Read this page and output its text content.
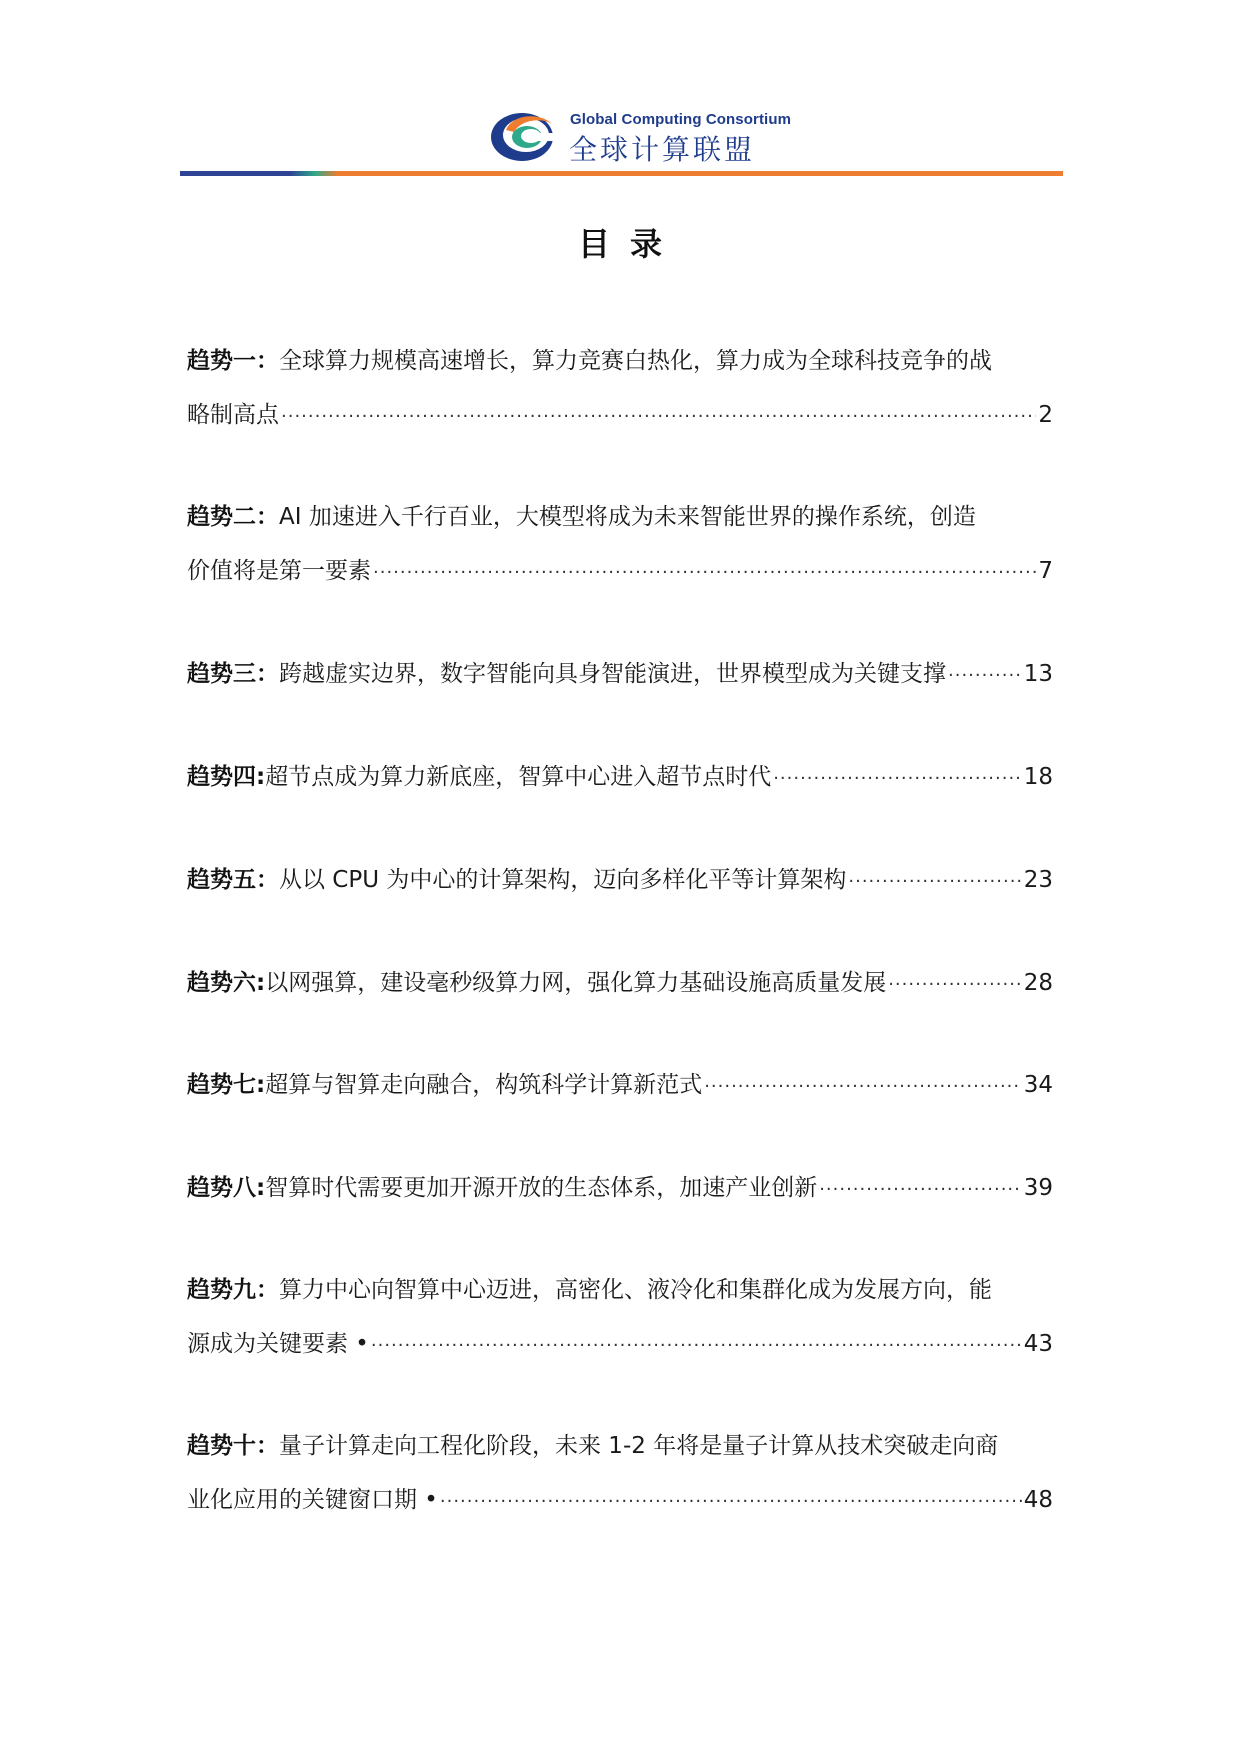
Global Computing Consortium
全球计算联盟
目录
趋势一：全球算力规模高速增长，算力竞赛白热化，算力成为全球科技竞争的战
略制高点 ·····	2
趋势二：AI 加速进入千行百业，大模型将成为未来智能世界的操作系统，创造
价值将是第一要素 ·····	7
趋势三 ： 跨越虚实边界，数字智能向具身智能演进，世界模型成为关键支撑 ·····	13
趋势四 : 超节点成为算力新底座，智算中心进入超节点时代 ·····	18
趋势五 ： 从以 CPU 为中心的计算架构，迈向多样化平等计算架构 ·····	23
趋势六 : 以网强算，建设毫秒级算力网，强化算力基础设施高质量发展 ·····	28
趋势七 : 超算与智算走向融合，构筑科学计算新范式 ·····	34
趋势八 : 智算时代需要更加开源开放的生态体系，加速产业创新 ·····	39
趋势九：算力中心向智算中心迈进，高密化、液冷化和集群化成为发展方向，能
源成为关键要素 • ·····	43
趋势十：量子计算走向工程化阶段，未来 1-2 年将是量子计算从技术突破走向商
业化应用的关键窗口期 • ·····	48
